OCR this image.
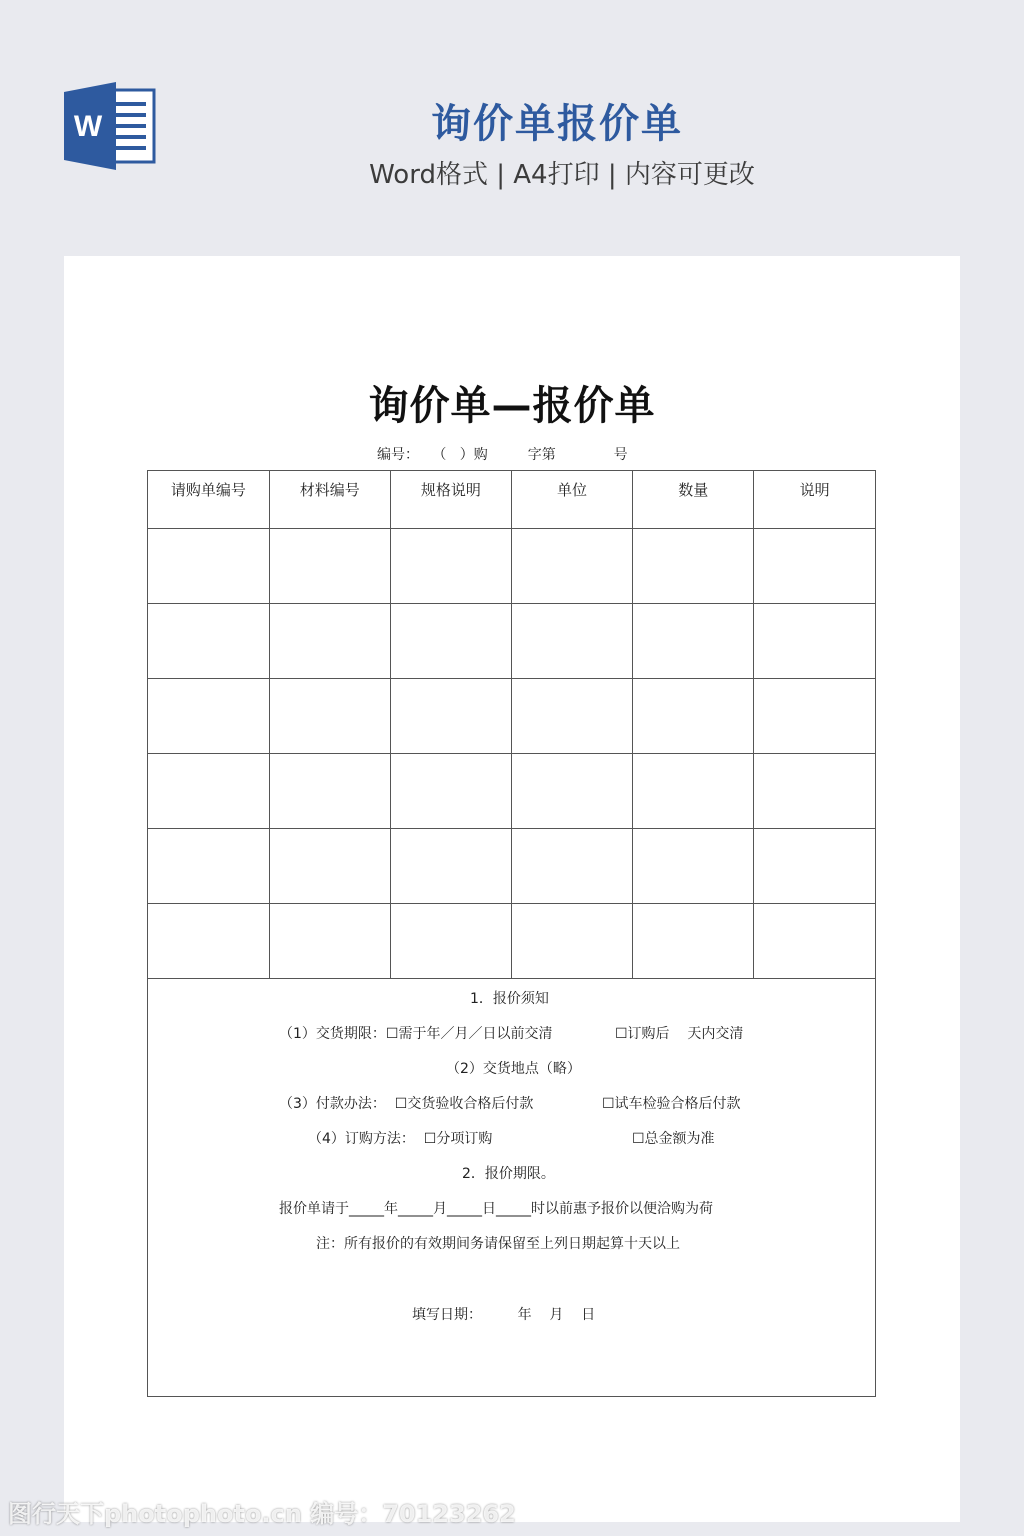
W	询价单报价单
Word格式 | A4打印 | 内容可更改
询价单—报价单
编号：   （   ）购         字第             号
请购单编号	材料编号	规格说明	单位	数量	说明

1．报价须知
（1）交货期限：☐需于年／月／日以前交清	☐订购后    天内交清
（2）交货地点（略）
（3）付款办法：  ☐交货验收合格后付款	☐试车检验合格后付款
（4）订购方法：  ☐分项订购	☐总金额为准
2．报价期限。
报价单请于_____年_____月_____日_____时以前惠予报价以便洽购为荷
注：所有报价的有效期间务请保留至上列日期起算十天以上
填写日期：        年    月    日
图行天下photophoto.cn 编号：70123262
